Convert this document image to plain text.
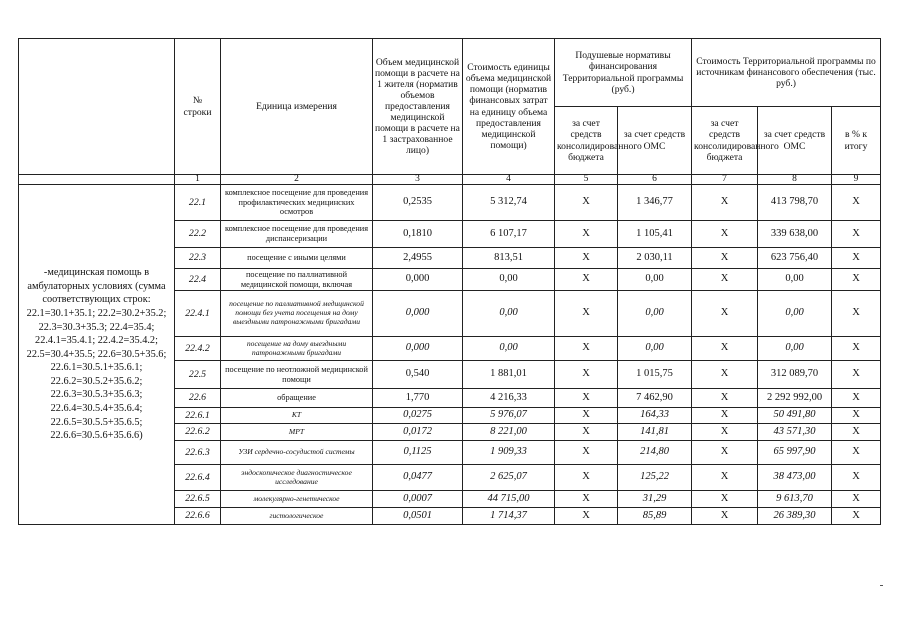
	№
строки	Единица измерения	Объем медицинской помощи в расчете на 1 жителя (норматив объемов предоставления медицинской помощи в расчете на 1 застрахованное лицо)	Стоимость единицы объема медицинской помощи (норматив финансовых затрат на единицу объема предоставления медицинской помощи)	Подушевые нормативы финансирования Территориальной программы (руб.)		Стоимость Территориальной программы по источникам финансового обеспечения (тыс. руб.)		
					за счет средств консолидированного бюджета	за счет средств ОМС	за счет средств консолидированного бюджета	за счет средств ОМС	в % к итогу
	1	2	3	4	5	6	7	8	9
-медицинская помощь в амбулаторных условиях (сумма соответствующих строк: 22.1=30.1+35.1; 22.2=30.2+35.2; 22.3=30.3+35.3; 22.4=35.4; 22.4.1=35.4.1; 22.4.2=35.4.2; 22.5=30.4+35.5; 22.6=30.5+35.6; 22.6.1=30.5.1+35.6.1; 22.6.2=30.5.2+35.6.2; 22.6.3=30.5.3+35.6.3; 22.6.4=30.5.4+35.6.4; 22.6.5=30.5.5+35.6.5; 22.6.6=30.5.6+35.6.6)	22.1	комплексное посещение для проведения профилактических медицинских осмотров	0,2535	5 312,74	X	1 346,77	X	413 798,70	X
	22.2	комплексное посещение для проведения диспансеризации	0,1810	6 107,17	X	1 105,41	X	339 638,00	X
	22.3	посещение с иными целями	2,4955	813,51	X	2 030,11	X	623 756,40	X
	22.4	посещение по паллиативной медицинской помощи, включая	0,000	0,00	X	0,00	X	0,00	X
	22.4.1	посещение по паллиативной медицинской помощи без учета посещения на дому выездными патронажными бригадами	0,000	0,00	X	0,00	X	0,00	X
	22.4.2	посещение на дому выездными патронажными бригадами	0,000	0,00	X	0,00	X	0,00	X
	22.5	посещение по неотложной медицинской помощи	0,540	1 881,01	X	1 015,75	X	312 089,70	X
	22.6	обращение	1,770	4 216,33	X	7 462,90	X	2 292 992,00	X
	22.6.1	КТ	0,0275	5 976,07	X	164,33	X	50 491,80	X
	22.6.2	МРТ	0,0172	8 221,00	X	141,81	X	43 571,30	X
	22.6.3	УЗИ сердечно-сосудистой системы	0,1125	1 909,33	X	214,80	X	65 997,90	X
	22.6.4	эндоскопическое диагностическое исследование	0,0477	2 625,07	X	125,22	X	38 473,00	X
	22.6.5	молекулярно-генетическое	0,0007	44 715,00	X	31,29	X	9 613,70	X
	22.6.6	гистологическое	0,0501	1 714,37	X	85,89	X	26 389,30	X
